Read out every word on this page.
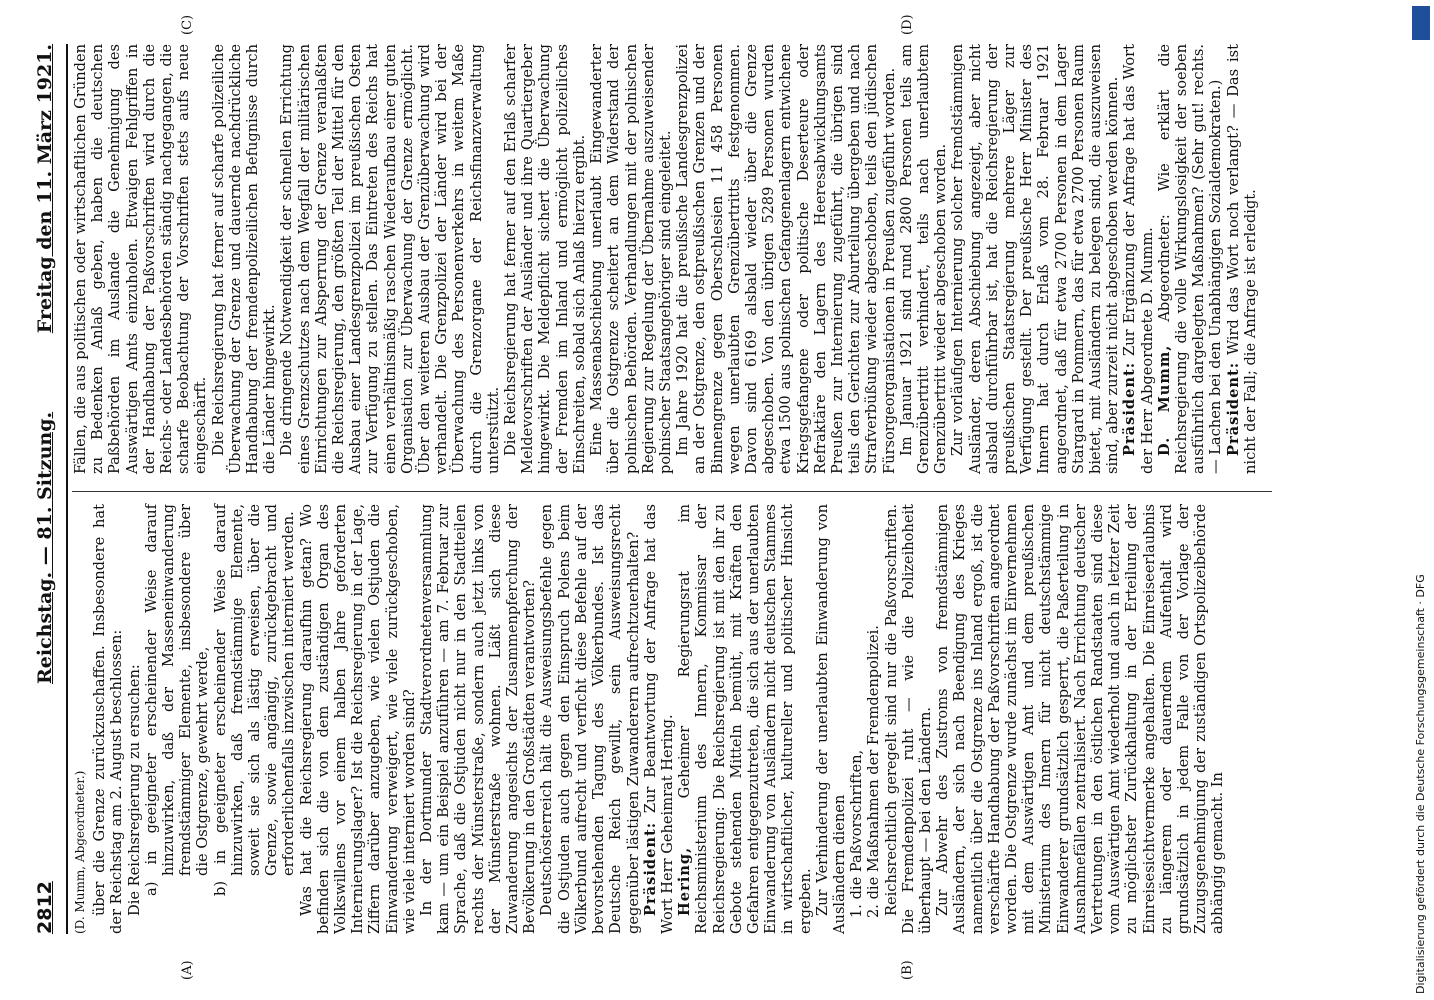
2812
Reichstag. — 81. Sitzung.
Freitag den 11. März 1921.
(A)	(B)
(C)	(D)

(D. Mumm, Abgeordneter.) über die Grenze zurückzuschaffen. Insbesondere hat der Reichstag am 2. August beschlossen: Die Reichsregierung zu ersuchen: a) in geeigneter erscheinender Weise darauf hinzuwirken, daß der Masseneinwanderung fremdstämmiger Elemente, insbesondere über die Ostgrenze, gewehrt werde, b) in geeigneter erscheinender Weise darauf hinzuwirken, daß fremdstämmige Elemente, soweit sie sich als lästig erweisen, über die Grenze, sowie angängig, zurückgebracht und erforderlichenfalls inzwischen interniert werden. Was hat die Reichsregierung daraufhin getan? Wo befinden sich die von dem zuständigen Organ des Volkswillens vor einem halben Jahre geforderten Internierungslager? Ist die Reichsregierung in der Lage, Ziffern darüber anzugeben, wie vielen Ostjuden die Einwanderung verweigert, wie viele zurückgeschoben, wie viele interniert worden sind? In der Dortmunder Stadtverordnetenversammlung kam — um ein Beispiel anzuführen — am 7. Februar zur Sprache, daß die Ostjuden nicht nur in den Stadtteilen rechts der Münsterstraße, sondern auch jetzt links von der Münsterstraße wohnen. Läßt sich diese Zuwanderung angesichts der Zusammenpferchung der Bevölkerung in den Großstädten verantworten? Deutschösterreich hält die Ausweisungsbefehle gegen die Ostjuden auch gegen den Einspruch Polens beim Völkerbund aufrecht und verficht diese Befehle auf der bevorstehenden Tagung des Völkerbundes. Ist das Deutsche Reich gewillt, sein Ausweisungsrecht gegenüber lästigen Zuwanderern aufrechtzuerhalten? Präsident: Zur Beantwortung der Anfrage hat das Wort Herr Geheimrat Hering. Hering, Geheimer Regierungsrat im Reichsministerium des Innern, Kommissar der Reichsregierung: Die Reichsregierung ist mit den ihr zu Gebote stehenden Mitteln bemüht, mit Kräften den Gefahren entgegenzutreten, die sich aus der unerlaubten Einwanderung von Ausländern nicht deutschen Stammes in wirtschaftlicher, kultureller und politischer Hinsicht ergeben. Zur Verhinderung der unerlaubten Einwanderung von Ausländern dienen 1. die Paßvorschriften, 2. die Maßnahmen der Fremdenpolizei. Reichsrechtlich geregelt sind nur die Paßvorschriften. Die Fremdenpolizei ruht — wie die Polizeihoheit überhaupt — bei den Ländern. Zur Abwehr des Zustroms von fremdstämmigen Ausländern, der sich nach Beendigung des Krieges namentlich über die Ostgrenze ins Inland ergoß, ist die verschärfte Handhabung der Paßvorschriften angeordnet worden. Die Ostgrenze wurde zunächst im Einvernehmen mit dem Auswärtigen Amt und dem preußischen Ministerium des Innern für nicht deutschstämmige Einwanderer grundsätzlich gesperrt, die Paßerteilung in Ausnahmefällen zentralisiert. Nach Errichtung deutscher Vertretungen in den östlichen Randstaaten sind diese vom Auswärtigen Amt wiederholt und auch in letzter Zeit zu möglichster Zurückhaltung in der Erteilung der Einreisesichtvermerke angehalten. Die Einreiseerlaubnis zu längerem oder dauerndem Aufenthalt wird grundsätzlich in jedem Falle von der Vorlage der Zuzugsgenehmigung der zuständigen Ortspolizeibehörde abhängig gemacht. In

Fällen, die aus politischen oder wirtschaftlichen Gründen zu Bedenken Anlaß geben, haben die deutschen Paßbehörden im Auslande die Genehmigung des Auswärtigen Amts einzuholen. Etwaigen Fehlgriffen in der Handhabung der Paßvorschriften wird durch die Reichs- oder Landesbehörden ständig nachgegangen, die scharfe Beobachtung der Vorschriften stets aufs neue eingeschärft. Die Reichsregierung hat ferner auf scharfe polizeiliche Überwachung der Grenze und dauernde nachdrückliche Handhabung der fremdenpolizeilichen Befugnisse durch die Länder hingewirkt. Die dringende Notwendigkeit der schnellen Errichtung eines Grenzschutzes nach dem Wegfall der militärischen Einrichtungen zur Absperrung der Grenze veranlaßten die Reichsregierung, den größten Teil der Mittel für den Ausbau einer Landesgrenzpolizei im preußischen Osten zur Verfügung zu stellen. Das Eintreten des Reichs hat einen verhältnismäßig raschen Wiederaufbau einer guten Organisation zur Überwachung der Grenze ermöglicht. Über den weiteren Ausbau der Grenzüberwachung wird verhandelt. Die Grenzpolizei der Länder wird bei der Überwachung des Personenverkehrs in weitem Maße durch die Grenzorgane der Reichsfinanzverwaltung unterstützt. Die Reichsregierung hat ferner auf den Erlaß scharfer Meldevorschriften der Ausländer und ihre Quartiergeber hingewirkt. Die Meldepflicht sichert die Überwachung der Fremden im Inland und ermöglicht polizeiliches Einschreiten, sobald sich Anlaß hierzu ergibt. Eine Massenabschiebung unerlaubt Eingewanderter über die Ostgrenze scheitert an dem Widerstand der polnischen Behörden. Verhandlungen mit der polnischen Regierung zur Regelung der Übernahme auszuweisender polnischer Staatsangehöriger sind eingeleitet. Im Jahre 1920 hat die preußische Landesgrenzpolizei an der Ostgrenze, den ostpreußischen Grenzen und der Binnengrenze gegen Oberschlesien 11 458 Personen wegen unerlaubten Grenzübertritts festgenommen. Davon sind 6169 alsbald wieder über die Grenze abgeschoben. Von den übrigen 5289 Personen wurden etwa 1500 aus polnischen Gefangenenlagern entwichene Kriegsgefangene oder politische Deserteure oder Refraktäre den Lagern des Heeresabwicklungsamts Preußen zur Internierung zugeführt, die übrigen sind teils den Gerichten zur Aburteilung übergeben und nach Strafverbüßung wieder abgeschoben, teils den jüdischen Fürsorgeorganisationen in Preußen zugeführt worden. Im Januar 1921 sind rund 2800 Personen teils am Grenzübertritt verhindert, teils nach unerlaubtem Grenzübertritt wieder abgeschoben worden. Zur vorläufigen Internierung solcher fremdstämmigen Ausländer, deren Abschiebung angezeigt, aber nicht alsbald durchführbar ist, hat die Reichsregierung der preußischen Staatsregierung mehrere Läger zur Verfügung gestellt. Der preußische Herr Minister des Innern hat durch Erlaß vom 28. Februar 1921 angeordnet, daß für etwa 2700 Personen in dem Lager Stargard in Pommern, das für etwa 2700 Personen Raum bietet, mit Ausländern zu belegen sind, die auszuweisen sind, aber zurzeit nicht abgeschoben werden können. Präsident: Zur Ergänzung der Anfrage hat das Wort der Herr Abgeordnete D. Mumm. D. Mumm, Abgeordneter: Wie erklärt die Reichsregierung die volle Wirkungslosigkeit der soeben ausführlich dargelegten Maßnahmen? (Sehr gut! rechts. — Lachen bei den Unabhängigen Sozialdemokraten.) Präsident: Wird das Wort noch verlangt? — Das ist nicht der Fall; die Anfrage ist erledigt.

Digitalisierung gefördert durch die Deutsche Forschungsgemeinschaft · DFG
